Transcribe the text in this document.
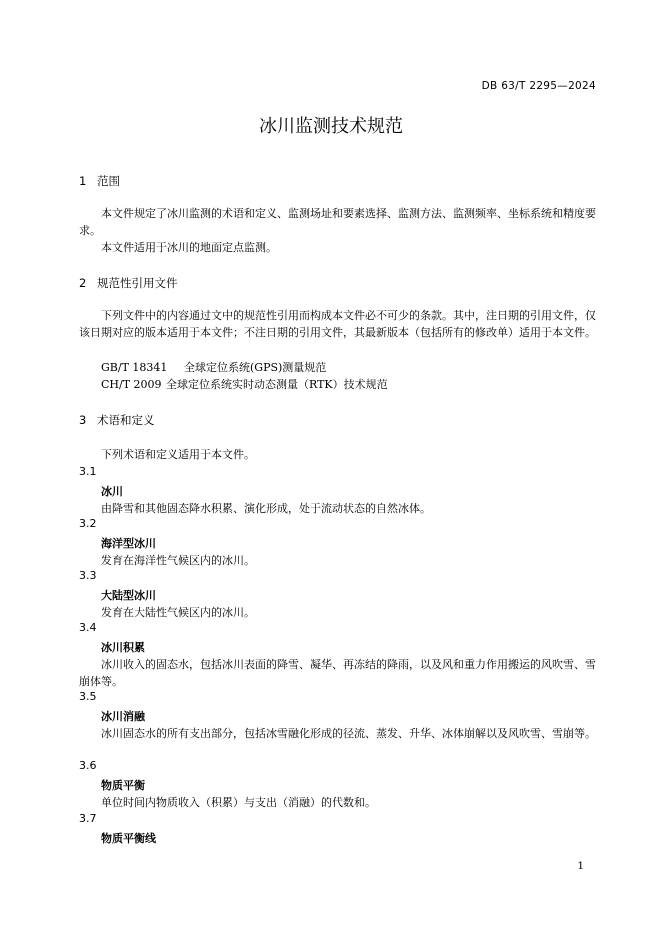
DB 63/T 2295—2024
冰川监测技术规范
1 范围
本文件规定了冰川监测的术语和定义、监测场址和要素选择、监测方法、监测频率、坐标系统和精度要求。
本文件适用于冰川的地面定点监测。
2 规范性引用文件
下列文件中的内容通过文中的规范性引用而构成本文件必不可少的条款。其中，注日期的引用文件，仅该日期对应的版本适用于本文件；不注日期的引用文件，其最新版本（包括所有的修改单）适用于本文件。
GB/T 18341 全球定位系统(GPS)测量规范
CH/T 2009 全球定位系统实时动态测量（RTK）技术规范
3 术语和定义
下列术语和定义适用于本文件。
3.1
冰川
由降雪和其他固态降水积累、演化形成，处于流动状态的自然冰体。
3.2
海洋型冰川
发育在海洋性气候区内的冰川。
3.3
大陆型冰川
发育在大陆性气候区内的冰川。
3.4
冰川积累
冰川收入的固态水，包括冰川表面的降雪、凝华、再冻结的降雨，以及风和重力作用搬运的风吹雪、雪崩体等。
3.5
冰川消融
冰川固态水的所有支出部分，包括冰雪融化形成的径流、蒸发、升华、冰体崩解以及风吹雪、雪崩等。
3.6
物质平衡
单位时间内物质收入（积累）与支出（消融）的代数和。
3.7
物质平衡线
1
